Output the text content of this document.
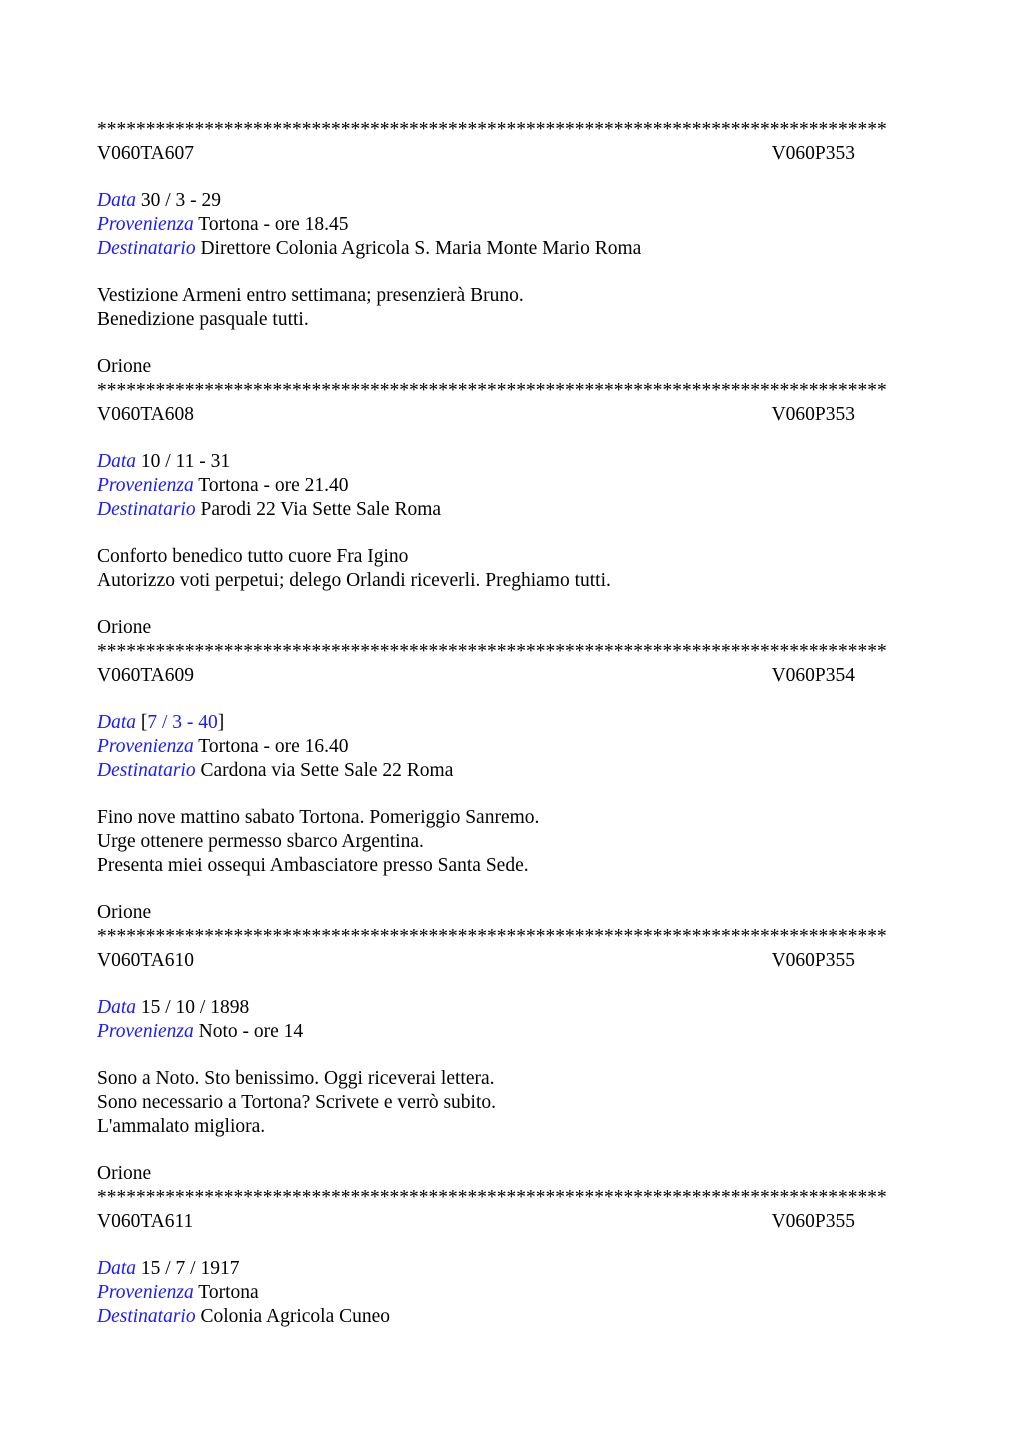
*********************************************************************************
V060TA607	V060P353
Data 30 / 3 - 29
Provenienza Tortona - ore 18.45
Destinatario Direttore Colonia Agricola S. Maria Monte Mario Roma
Vestizione Armeni entro settimana; presenzierà Bruno.
Benedizione pasquale tutti.
Orione
*********************************************************************************
V060TA608	V060P353
Data 10 / 11 - 31
Provenienza Tortona - ore 21.40
Destinatario Parodi 22 Via Sette Sale Roma
Conforto benedico tutto cuore Fra Igino
Autorizzo voti perpetui; delego Orlandi riceverli. Preghiamo tutti.
Orione
*********************************************************************************
V060TA609	V060P354
Data [7 / 3 - 40]
Provenienza Tortona - ore 16.40
Destinatario Cardona via Sette Sale 22 Roma
Fino nove mattino sabato Tortona. Pomeriggio Sanremo.
Urge ottenere permesso sbarco Argentina.
Presenta miei ossequi Ambasciatore presso Santa Sede.
Orione
*********************************************************************************
V060TA610	V060P355
Data 15 / 10 / 1898
Provenienza Noto - ore 14
Sono a Noto. Sto benissimo. Oggi riceverai lettera.
Sono necessario a Tortona? Scrivete e verrò subito.
L'ammalato migliora.
Orione
*********************************************************************************
V060TA611	V060P355
Data 15 / 7 / 1917
Provenienza Tortona
Destinatario Colonia Agricola Cuneo
